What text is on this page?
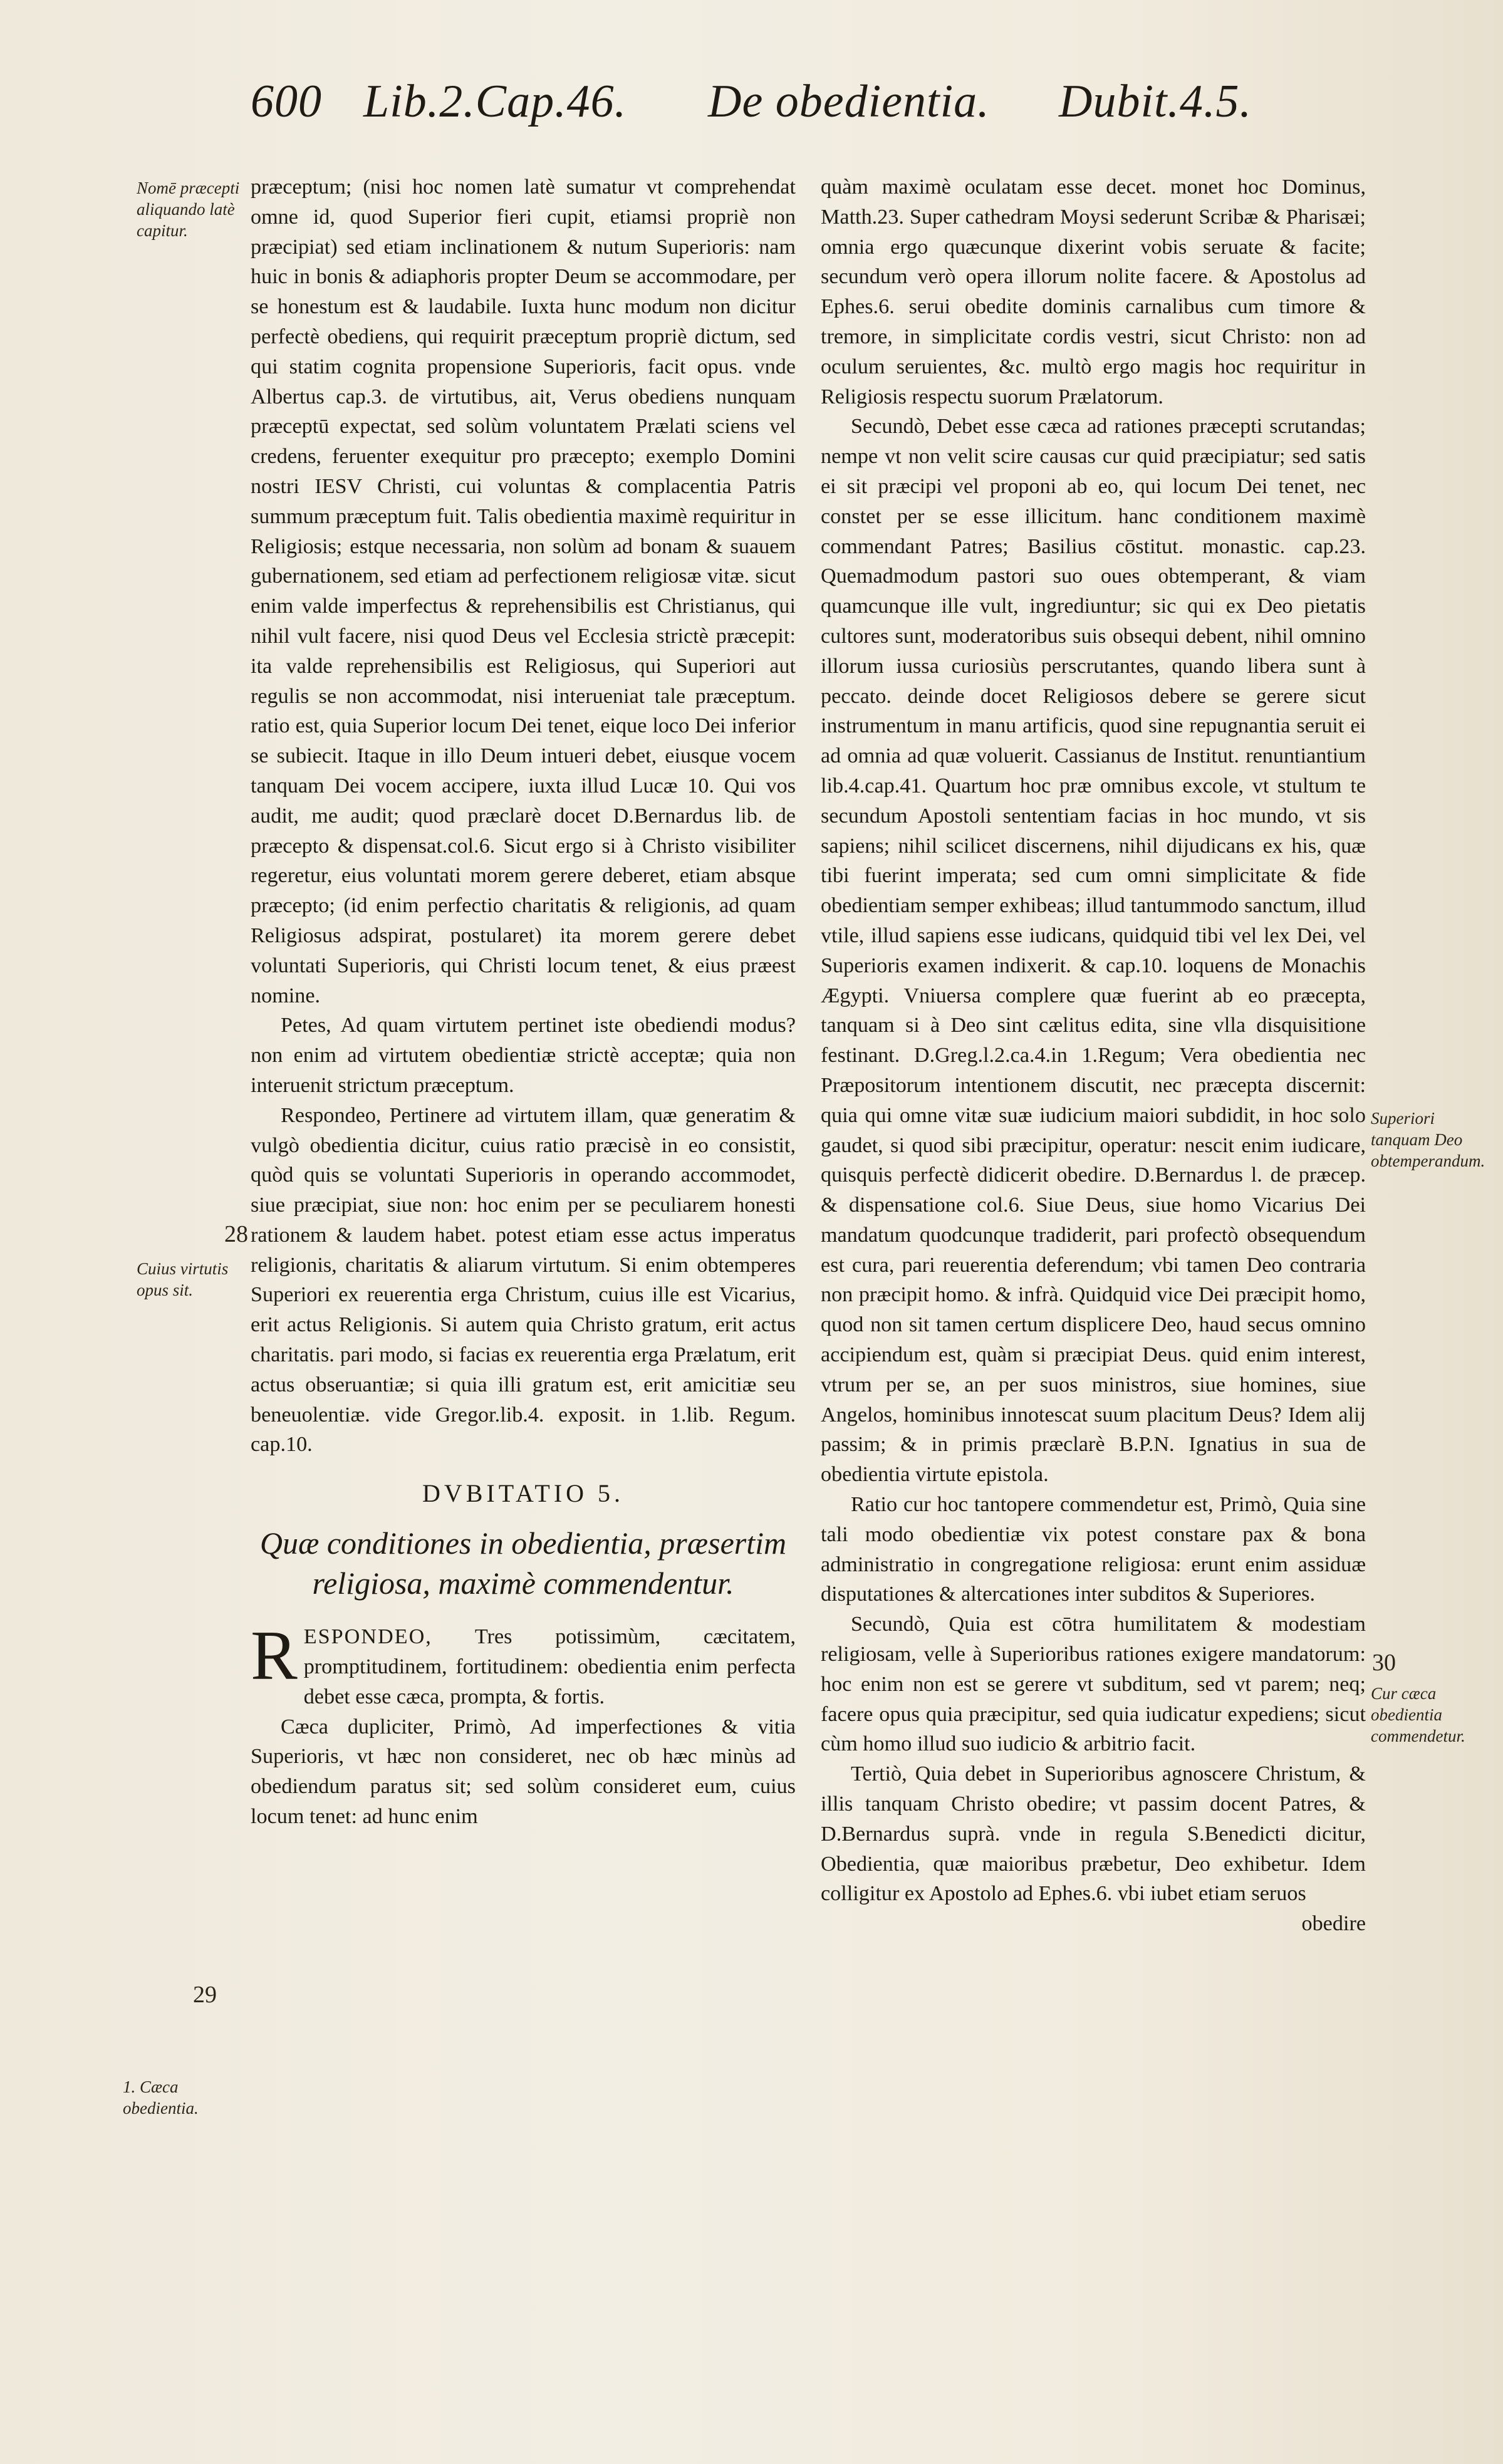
600 Lib.2.Cap.46. De obedientia. Dubit.4.5.
Nomē præcepti aliquando latè capitur.
28
Cuius virtutis opus sit.
29
1. Cæca obedientia.
Superiori tanquam Deo obtemperandum.
30
Cur cæca obedientia commendetur.

præceptum; (nisi hoc nomen latè sumatur vt comprehendat omne id, quod Superior fieri cupit, etiamsi propriè non præcipiat) sed etiam inclinationem & nutum Superioris: nam huic in bonis & adiaphoris propter Deum se accommodare, per se honestum est & laudabile. Iuxta hunc modum non dicitur perfectè obediens, qui requirit præceptum propriè dictum, sed qui statim cognita propensione Superioris, facit opus. vnde Albertus cap.3. de virtutibus, ait, Verus obediens nunquam præceptū expectat, sed solùm voluntatem Prælati sciens vel credens, feruenter exequitur pro præcepto; exemplo Domini nostri IESV Christi, cui voluntas & complacentia Patris summum præceptum fuit. Talis obedientia maximè requiritur in Religiosis; estque necessaria, non solùm ad bonam & suauem gubernationem, sed etiam ad perfectionem religiosæ vitæ. sicut enim valde imperfectus & reprehensibilis est Christianus, qui nihil vult facere, nisi quod Deus vel Ecclesia strictè præcepit: ita valde reprehensibilis est Religiosus, qui Superiori aut regulis se non accommodat, nisi interueniat tale præceptum. ratio est, quia Superior locum Dei tenet, eique loco Dei inferior se subiecit. Itaque in illo Deum intueri debet, eiusque vocem tanquam Dei vocem accipere, iuxta illud Lucæ 10. Qui vos audit, me audit; quod præclarè docet D.Bernardus lib. de præcepto & dispensat.col.6. Sicut ergo si à Christo visibiliter regeretur, eius voluntati morem gerere deberet, etiam absque præcepto; (id enim perfectio charitatis & religionis, ad quam Religiosus adspirat, postularet) ita morem gerere debet voluntati Superioris, qui Christi locum tenet, & eius præest nomine.

Petes, Ad quam virtutem pertinet iste obediendi modus? non enim ad virtutem obedientiæ strictè acceptæ; quia non interuenit strictum præceptum.

Respondeo, Pertinere ad virtutem illam, quæ generatim & vulgò obedientia dicitur, cuius ratio præcisè in eo consistit, quòd quis se voluntati Superioris in operando accommodet, siue præcipiat, siue non: hoc enim per se peculiarem honesti rationem & laudem habet. potest etiam esse actus imperatus religionis, charitatis & aliarum virtutum. Si enim obtemperes Superiori ex reuerentia erga Christum, cuius ille est Vicarius, erit actus Religionis. Si autem quia Christo gratum, erit actus charitatis. pari modo, si facias ex reuerentia erga Prælatum, erit actus obseruantiæ; si quia illi gratum est, erit amicitiæ seu beneuolentiæ. vide Gregor.lib.4. exposit. in 1.lib. Regum. cap.10.

DVBITATIO 5.
Quæ conditiones in obedientia, præsertim religiosa, maximè commendentur.

RESPONDEO, Tres potissimùm, cæcitatem, promptitudinem, fortitudinem: obedientia enim perfecta debet esse cæca, prompta, & fortis.

Cæca dupliciter, Primò, Ad imperfectiones & vitia Superioris, vt hæc non consideret, nec ob hæc minùs ad obediendum paratus sit; sed solùm consideret eum, cuius locum tenet: ad hunc enim

quàm maximè oculatam esse decet. monet hoc Dominus, Matth.23. Super cathedram Moysi sederunt Scribæ & Pharisæi; omnia ergo quæcunque dixerint vobis seruate & facite; secundum verò opera illorum nolite facere. & Apostolus ad Ephes.6. serui obedite dominis carnalibus cum timore & tremore, in simplicitate cordis vestri, sicut Christo: non ad oculum seruientes, &c. multò ergo magis hoc requiritur in Religiosis respectu suorum Prælatorum.

Secundò, Debet esse cæca ad rationes præcepti scrutandas; nempe vt non velit scire causas cur quid præcipiatur; sed satis ei sit præcipi vel proponi ab eo, qui locum Dei tenet, nec constet per se esse illicitum. hanc conditionem maximè commendant Patres; Basilius cōstitut. monastic. cap.23. Quemadmodum pastori suo oues obtemperant, & viam quamcunque ille vult, ingrediuntur; sic qui ex Deo pietatis cultores sunt, moderatoribus suis obsequi debent, nihil omnino illorum iussa curiosiùs perscrutantes, quando libera sunt à peccato. deinde docet Religiosos debere se gerere sicut instrumentum in manu artificis, quod sine repugnantia seruit ei ad omnia ad quæ voluerit. Cassianus de Institut. renuntiantium lib.4.cap.41. Quartum hoc præ omnibus excole, vt stultum te secundum Apostoli sententiam facias in hoc mundo, vt sis sapiens; nihil scilicet discernens, nihil dijudicans ex his, quæ tibi fuerint imperata; sed cum omni simplicitate & fide obedientiam semper exhibeas; illud tantummodo sanctum, illud vtile, illud sapiens esse iudicans, quidquid tibi vel lex Dei, vel Superioris examen indixerit. & cap.10. loquens de Monachis Ægypti. Vniuersa complere quæ fuerint ab eo præcepta, tanquam si à Deo sint cælitus edita, sine vlla disquisitione festinant. D.Greg.l.2.ca.4.in 1.Regum; Vera obedientia nec Præpositorum intentionem discutit, nec præcepta discernit: quia qui omne vitæ suæ iudicium maiori subdidit, in hoc solo gaudet, si quod sibi præcipitur, operatur: nescit enim iudicare, quisquis perfectè didicerit obedire. D.Bernardus l. de præcep. & dispensatione col.6. Siue Deus, siue homo Vicarius Dei mandatum quodcunque tradiderit, pari profectò obsequendum est cura, pari reuerentia deferendum; vbi tamen Deo contraria non præcipit homo. & infrà. Quidquid vice Dei præcipit homo, quod non sit tamen certum displicere Deo, haud secus omnino accipiendum est, quàm si præcipiat Deus. quid enim interest, vtrum per se, an per suos ministros, siue homines, siue Angelos, hominibus innotescat suum placitum Deus? Idem alij passim; & in primis præclarè B.P.N. Ignatius in sua de obedientia virtute epistola.

Ratio cur hoc tantopere commendetur est, Primò, Quia sine tali modo obedientiæ vix potest constare pax & bona administratio in congregatione religiosa: erunt enim assiduæ disputationes & altercationes inter subditos & Superiores.

Secundò, Quia est cōtra humilitatem & modestiam religiosam, velle à Superioribus rationes exigere mandatorum: hoc enim non est se gerere vt subditum, sed vt parem; neq; facere opus quia præcipitur, sed quia iudicatur expediens; sicut cùm homo illud suo iudicio & arbitrio facit.

Tertiò, Quia debet in Superioribus agnoscere Christum, & illis tanquam Christo obedire; vt passim docent Patres, & D.Bernardus suprà. vnde in regula S.Benedicti dicitur, Obedientia, quæ maioribus præbetur, Deo exhibetur. Idem colligitur ex Apostolo ad Ephes.6. vbi iubet etiam seruos

obedire
